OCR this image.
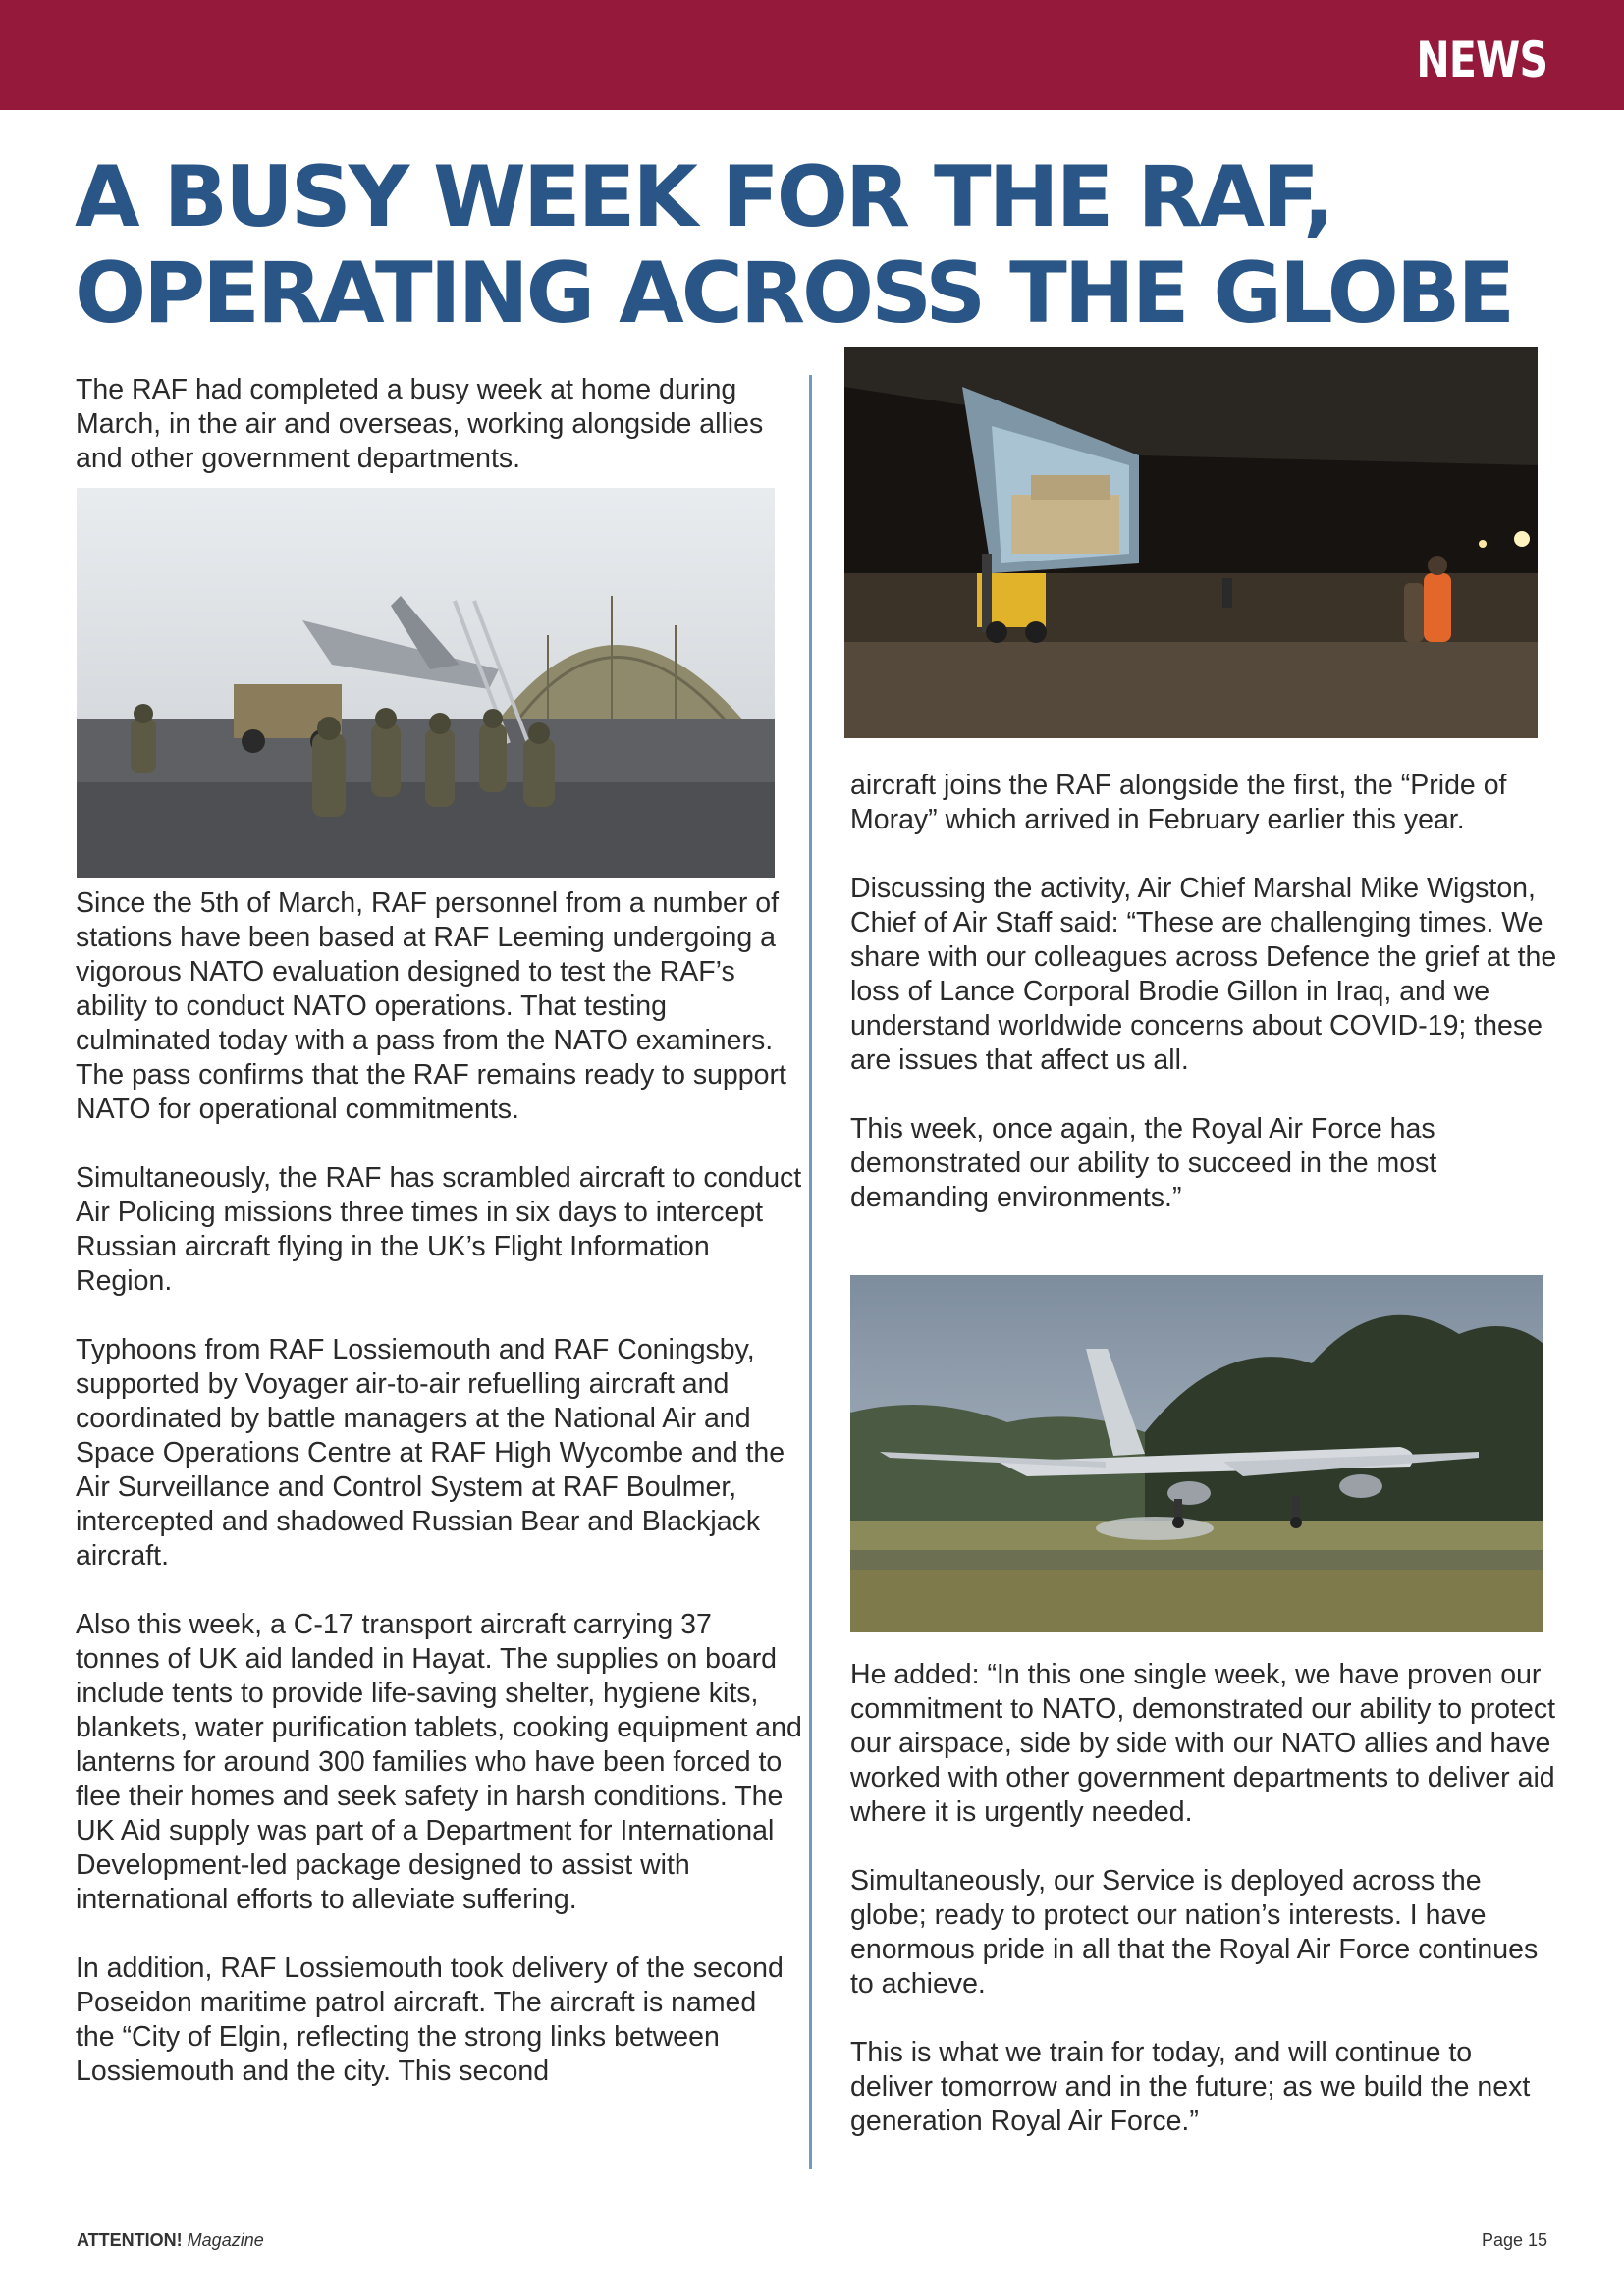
NEWS
A BUSY WEEK FOR THE RAF, OPERATING ACROSS THE GLOBE

The RAF had completed a busy week at home during March, in the air and overseas, working alongside allies and other government departments.

Since the 5th of March, RAF personnel from a number of stations have been based at RAF Leeming undergoing a vigorous NATO evaluation designed to test the RAF’s ability to conduct NATO operations. That testing culminated today with a pass from the NATO examiners. The pass confirms that the RAF remains ready to support NATO for operational commitments.

Simultaneously, the RAF has scrambled aircraft to conduct Air Policing missions three times in six days to intercept Russian aircraft flying in the UK’s Flight Information Region.

Typhoons from RAF Lossiemouth and RAF Coningsby, supported by Voyager air-to-air refuelling aircraft and coordinated by battle managers at the National Air and Space Operations Centre at RAF High Wycombe and the Air Surveillance and Control System at RAF Boulmer, intercepted and shadowed Russian Bear and Blackjack aircraft.

Also this week, a C-17 transport aircraft carrying 37 tonnes of UK aid landed in Hayat. The supplies on board include tents to provide life-saving shelter, hygiene kits, blankets, water purification tablets, cooking equipment and lanterns for around 300 families who have been forced to flee their homes and seek safety in harsh conditions. The UK Aid supply was part of a Department for International Development-led package designed to assist with international efforts to alleviate suffering.

In addition, RAF Lossiemouth took delivery of the second Poseidon maritime patrol aircraft. The aircraft is named the “City of Elgin, reflecting the strong links between Lossiemouth and the city. This second

aircraft joins the RAF alongside the first, the “Pride of Moray” which arrived in February earlier this year.

Discussing the activity, Air Chief Marshal Mike Wigston, Chief of Air Staff said: “These are challenging times. We share with our colleagues across Defence the grief at the loss of Lance Corporal Brodie Gillon in Iraq, and we understand worldwide concerns about COVID-19; these are issues that affect us all.

This week, once again, the Royal Air Force has demonstrated our ability to succeed in the most demanding environments.”

He added: “In this one single week, we have proven our commitment to NATO, demonstrated our ability to protect our airspace, side by side with our NATO allies and have worked with other government departments to deliver aid where it is urgently needed.

Simultaneously, our Service is deployed across the globe; ready to protect our nation’s interests. I have enormous pride in all that the Royal Air Force continues to achieve.

This is what we train for today, and will continue to deliver tomorrow and in the future; as we build the next generation Royal Air Force.”

ATTENTION! Magazine	Page 15
